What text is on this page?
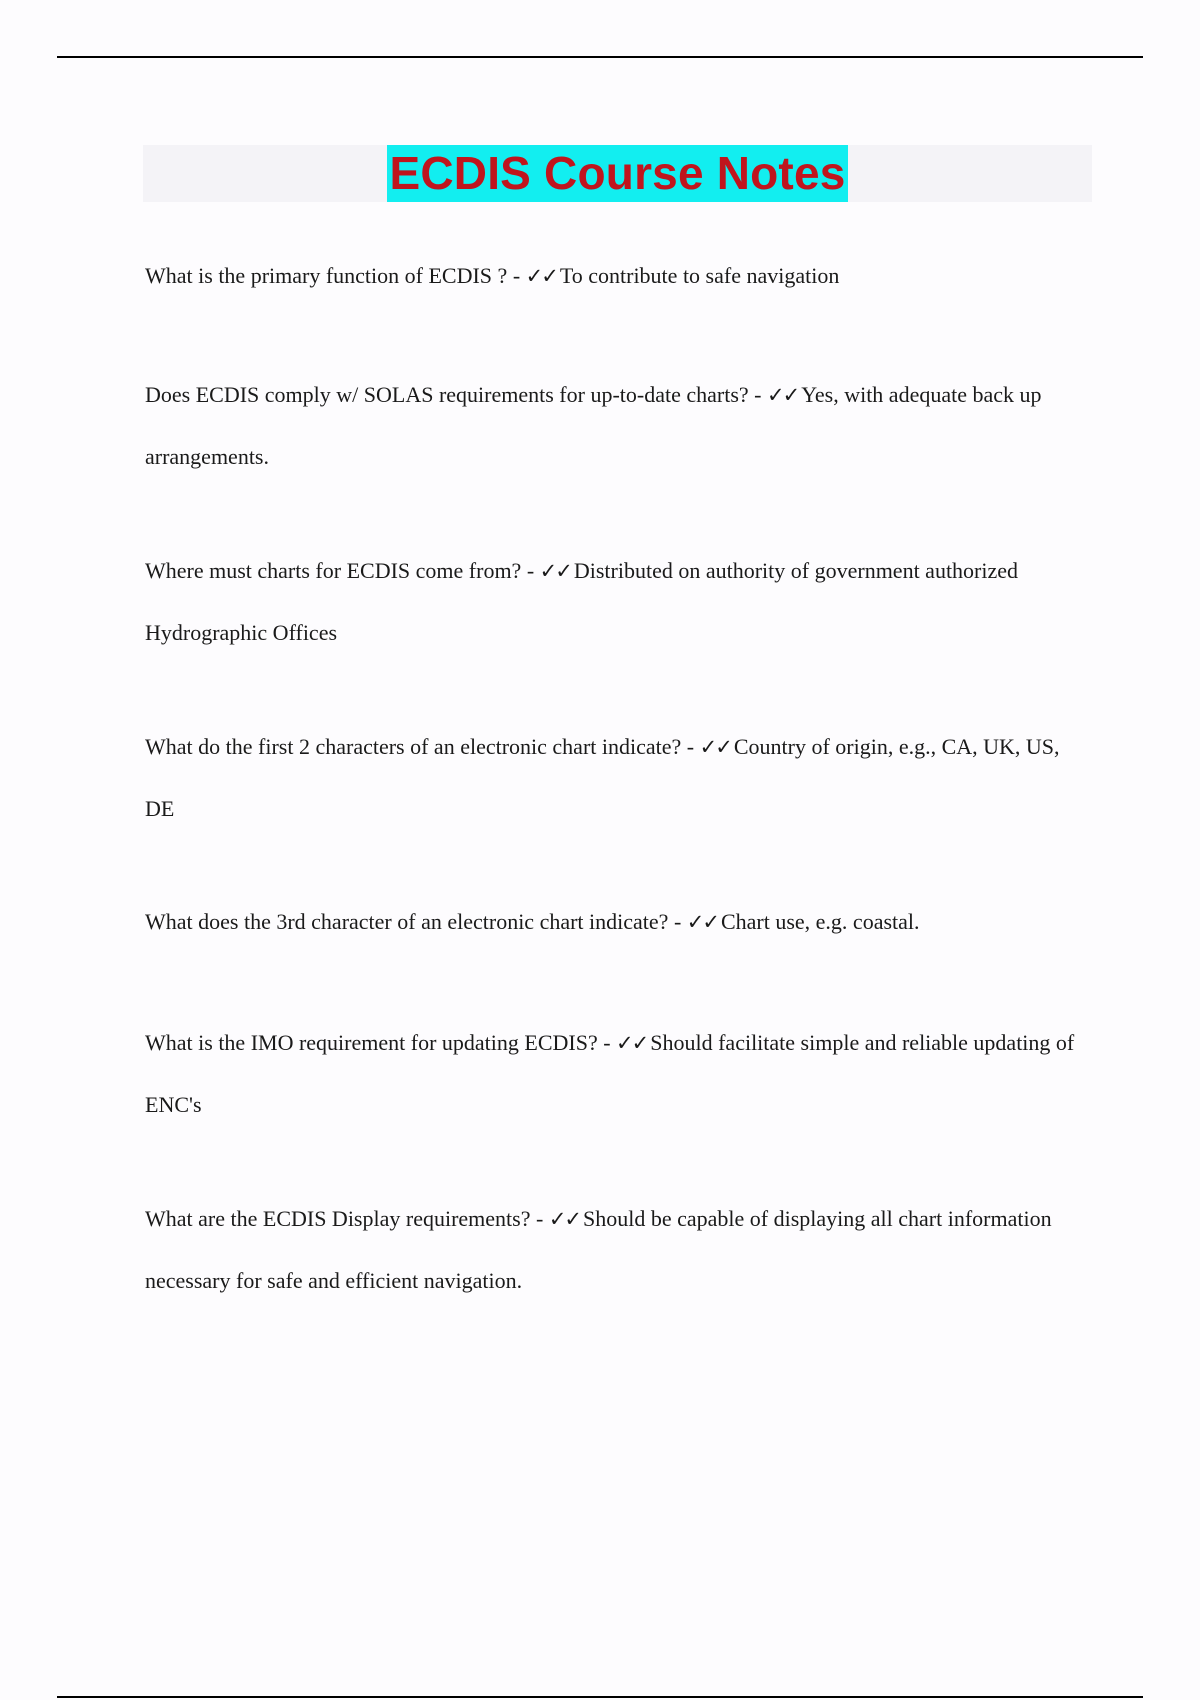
ECDIS Course Notes
What is the primary function of ECDIS ? - ✓✓ To contribute to safe navigation
Does ECDIS comply w/ SOLAS requirements for up-to-date charts? - ✓✓ Yes, with adequate back up arrangements.
Where must charts for ECDIS come from? - ✓✓ Distributed on authority of government authorized Hydrographic Offices
What do the first 2 characters of an electronic chart indicate? - ✓✓ Country of origin, e.g., CA, UK, US, DE
What does the 3rd character of an electronic chart indicate? - ✓✓ Chart use, e.g. coastal.
What is the IMO requirement for updating ECDIS? - ✓✓ Should facilitate simple and reliable updating of ENC's
What are the ECDIS Display requirements? - ✓✓ Should be capable of displaying all chart information necessary for safe and efficient navigation.
